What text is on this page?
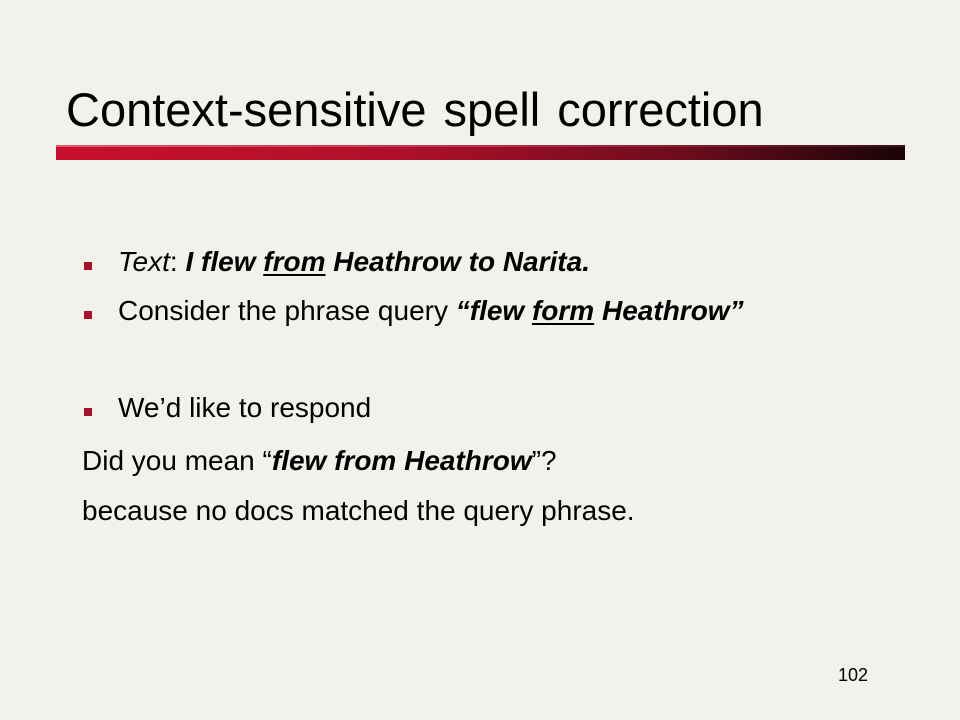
Context-sensitive spell correction
Text: I flew from Heathrow to Narita.
Consider the phrase query “flew form Heathrow”
We’d like to respond
Did you mean “flew from Heathrow”?
because no docs matched the query phrase.
102
